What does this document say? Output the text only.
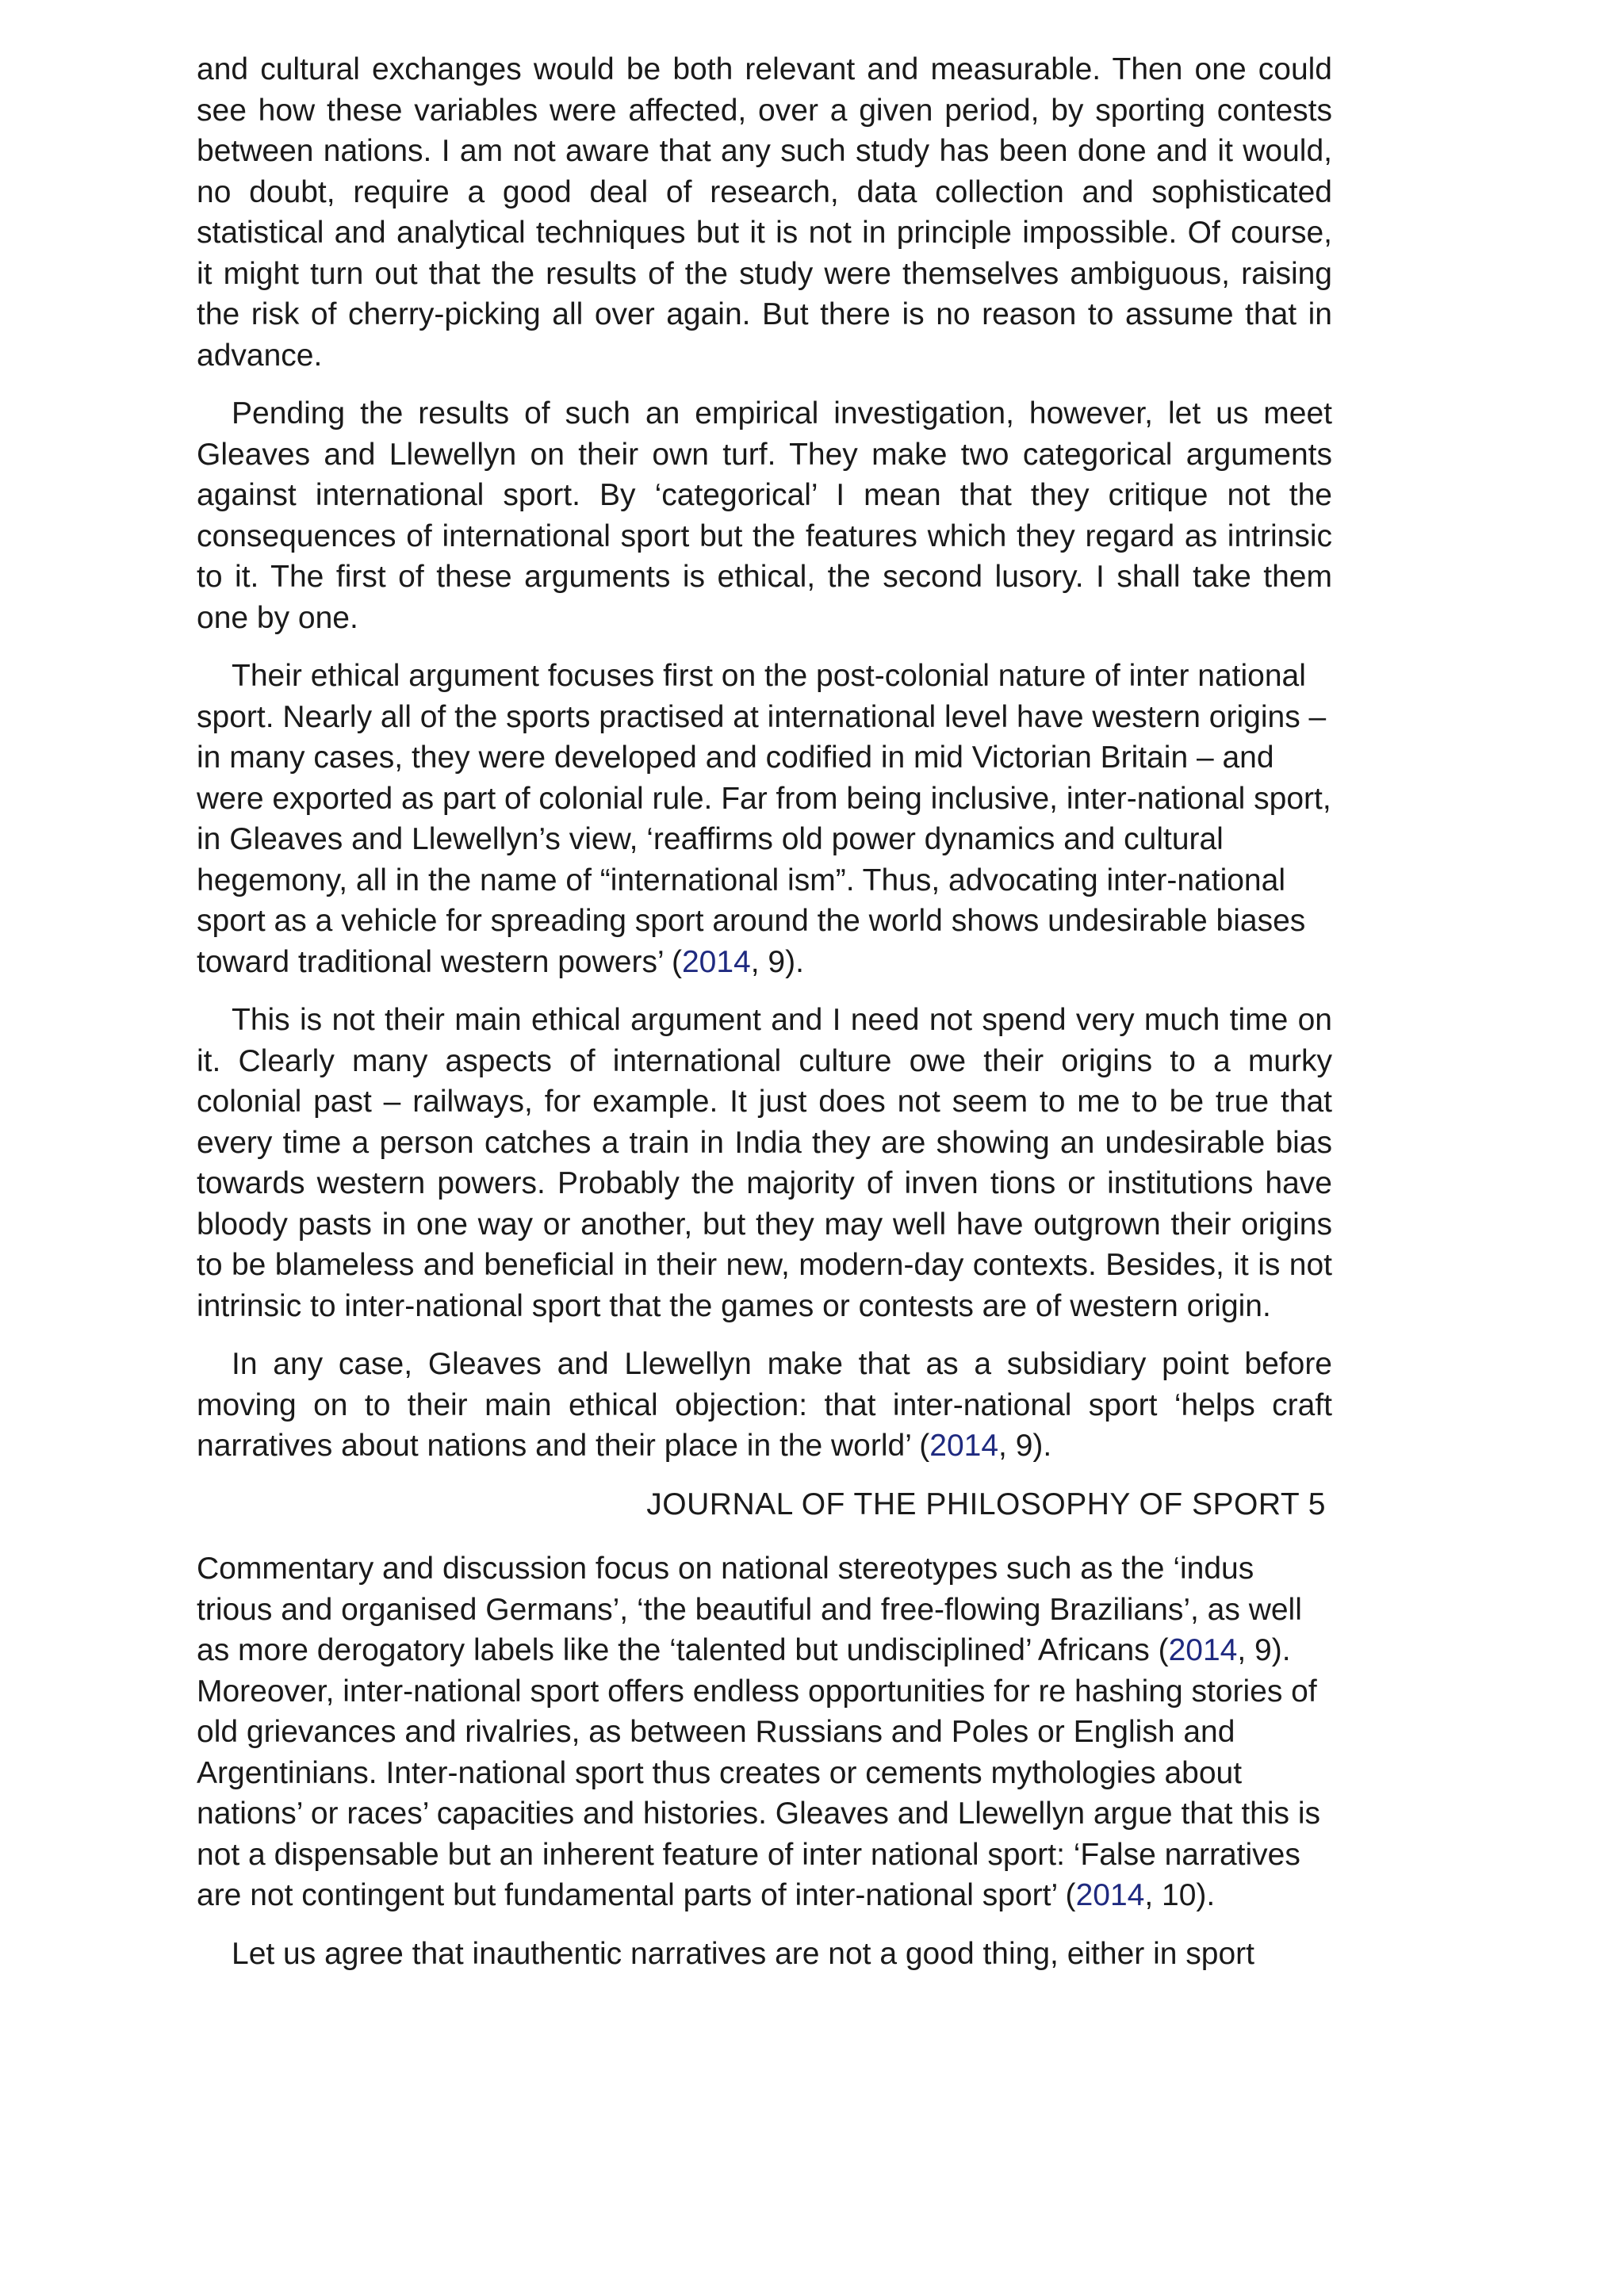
and cultural exchanges would be both relevant and measurable. Then one could see how these variables were affected, over a given period, by sporting contests between nations. I am not aware that any such study has been done and it would, no doubt, require a good deal of research, data collection and sophisticated statistical and analytical techniques but it is not in principle impossible. Of course, it might turn out that the results of the study were themselves ambiguous, raising the risk of cherry-picking all over again. But there is no reason to assume that in advance.

Pending the results of such an empirical investigation, however, let us meet Gleaves and Llewellyn on their own turf. They make two categorical arguments against international sport. By ‘categorical’ I mean that they critique not the consequences of international sport but the features which they regard as intrinsic to it. The first of these arguments is ethical, the second lusory. I shall take them one by one.

Their ethical argument focuses first on the post-colonial nature of inter national sport. Nearly all of the sports practised at international level have western origins – in many cases, they were developed and codified in mid Victorian Britain – and were exported as part of colonial rule. Far from being inclusive, inter-national sport, in Gleaves and Llewellyn’s view, ‘reaffirms old power dynamics and cultural hegemony, all in the name of “international ism”. Thus, advocating inter-national sport as a vehicle for spreading sport around the world shows undesirable biases toward traditional western powers’ (2014, 9).

This is not their main ethical argument and I need not spend very much time on it. Clearly many aspects of international culture owe their origins to a murky colonial past – railways, for example. It just does not seem to me to be true that every time a person catches a train in India they are showing an undesirable bias towards western powers. Probably the majority of inven tions or institutions have bloody pasts in one way or another, but they may well have outgrown their origins to be blameless and beneficial in their new, modern-day contexts. Besides, it is not intrinsic to inter-national sport that the games or contests are of western origin.

In any case, Gleaves and Llewellyn make that as a subsidiary point before moving on to their main ethical objection: that inter-national sport ‘helps craft narratives about nations and their place in the world’ (2014, 9).

JOURNAL OF THE PHILOSOPHY OF SPORT 5

Commentary and discussion focus on national stereotypes such as the ‘indus trious and organised Germans’, ‘the beautiful and free-flowing Brazilians’, as well as more derogatory labels like the ‘talented but undisciplined’ Africans (2014, 9). Moreover, inter-national sport offers endless opportunities for re hashing stories of old grievances and rivalries, as between Russians and Poles or English and Argentinians. Inter-national sport thus creates or cements mythologies about nations’ or races’ capacities and histories. Gleaves and Llewellyn argue that this is not a dispensable but an inherent feature of inter national sport: ‘False narratives are not contingent but fundamental parts of inter-national sport’ (2014, 10).

Let us agree that inauthentic narratives are not a good thing, either in sport
